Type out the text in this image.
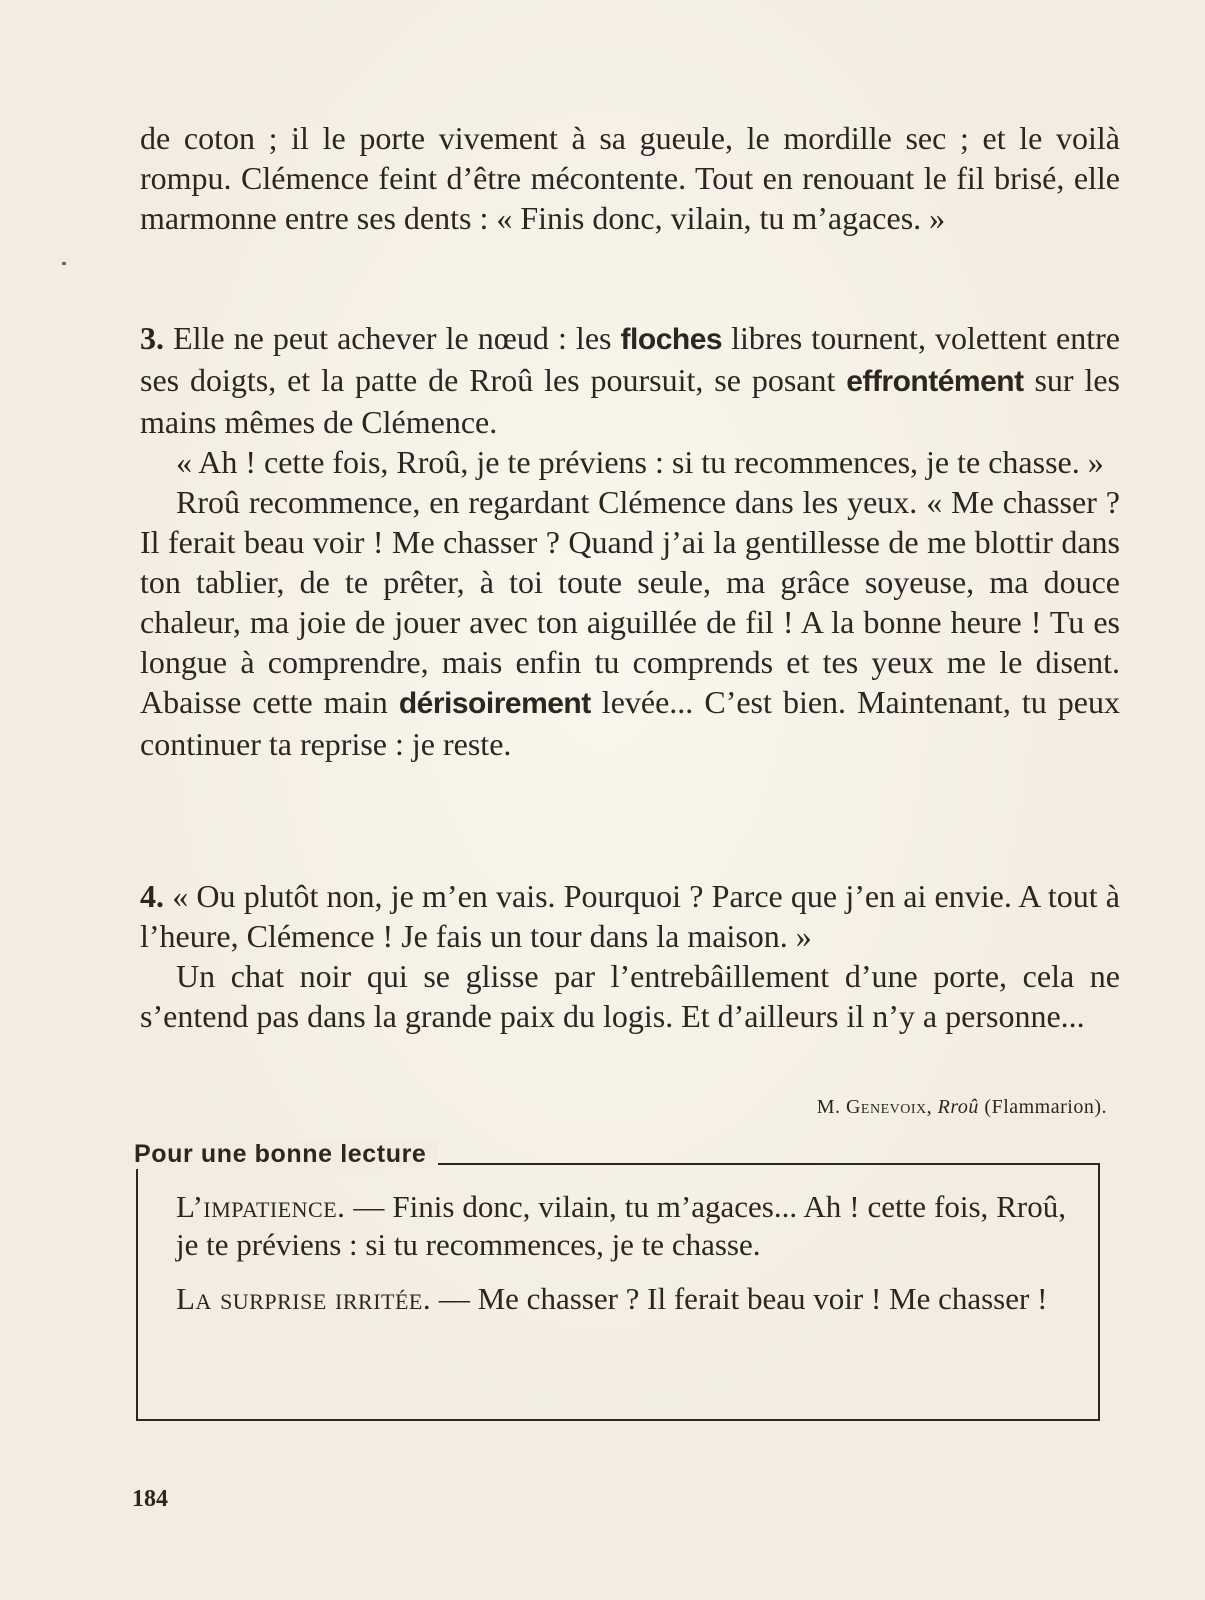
de coton ; il le porte vivement à sa gueule, le mordille sec ; et le voilà rompu. Clémence feint d’être mécontente. Tout en renouant le fil brisé, elle marmonne entre ses dents : « Finis donc, vilain, tu m’agaces. »

3. Elle ne peut achever le nœud : les floches libres tournent, volettent entre ses doigts, et la patte de Rroû les poursuit, se posant effrontément sur les mains mêmes de Clémence.

« Ah ! cette fois, Rroû, je te préviens : si tu recommences, je te chasse. »

Rroû recommence, en regardant Clémence dans les yeux. « Me chasser ? Il ferait beau voir ! Me chasser ? Quand j’ai la gentillesse de me blottir dans ton tablier, de te prêter, à toi toute seule, ma grâce soyeuse, ma douce chaleur, ma joie de jouer avec ton aiguillée de fil ! A la bonne heure ! Tu es longue à comprendre, mais enfin tu comprends et tes yeux me le disent. Abaisse cette main dérisoirement levée... C’est bien. Maintenant, tu peux continuer ta reprise : je reste.

4. « Ou plutôt non, je m’en vais. Pourquoi ? Parce que j’en ai envie. A tout à l’heure, Clémence ! Je fais un tour dans la maison. »

Un chat noir qui se glisse par l’entrebâillement d’une porte, cela ne s’entend pas dans la grande paix du logis. Et d’ailleurs il n’y a personne...

M. Genevoix, Rroû (Flammarion).
Pour une bonne lecture

L’impatience. — Finis donc, vilain, tu m’agaces... Ah ! cette fois, Rroû, je te préviens : si tu recommences, je te chasse.

La surprise irritée. — Me chasser ? Il ferait beau voir ! Me chasser !

184
